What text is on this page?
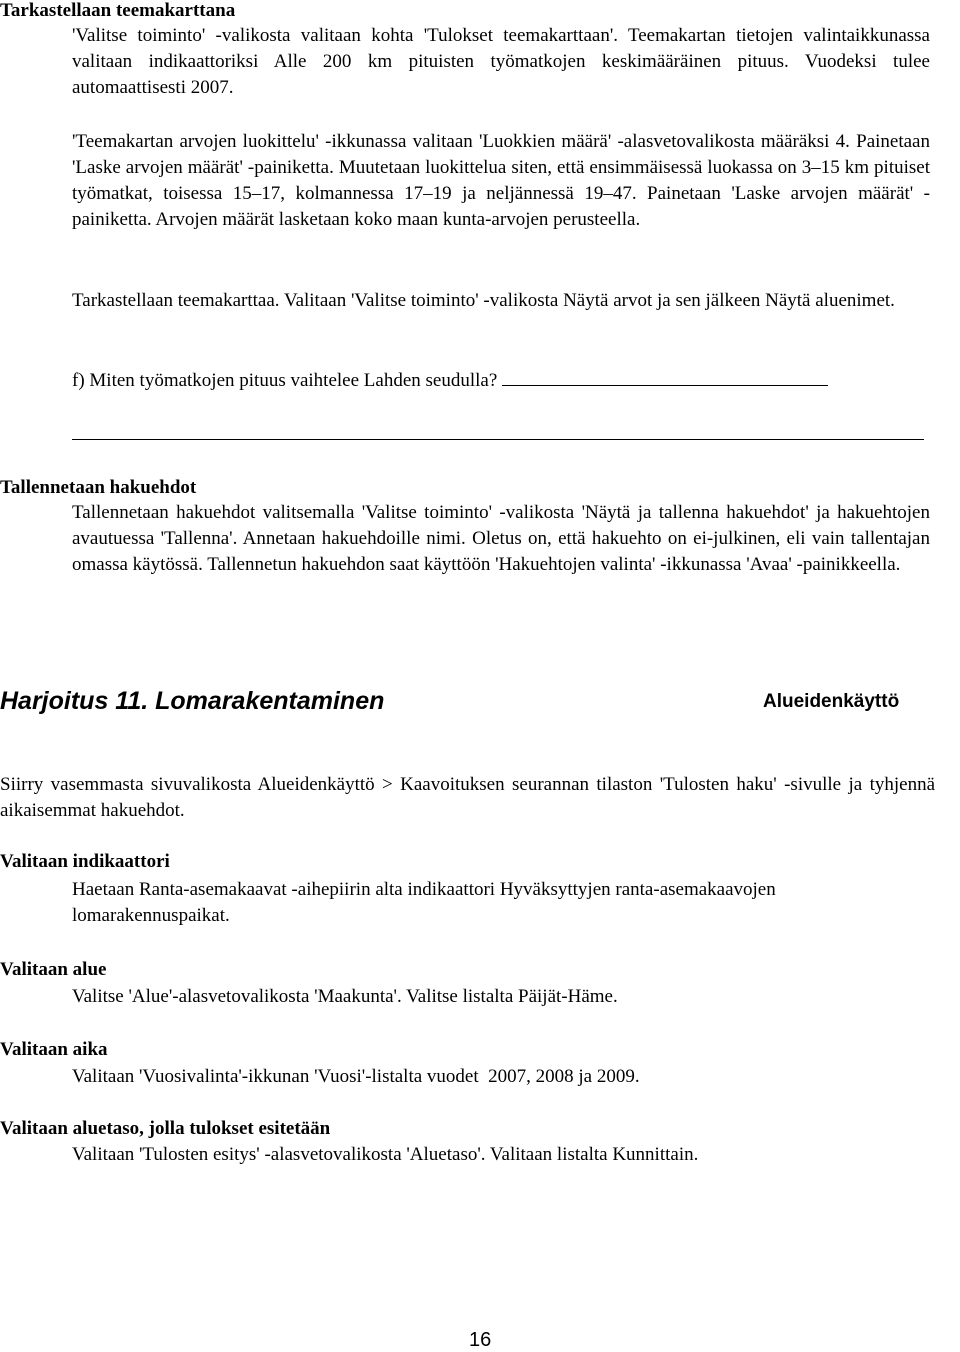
Tarkastellaan teemakarttana

'Valitse toiminto' -valikosta valitaan kohta 'Tulokset teemakarttaan'. Teemakartan tietojen valintaikkunassa valitaan indikaattoriksi Alle 200 km pituisten työmatkojen keskimääräinen pituus. Vuodeksi tulee automaattisesti 2007.

'Teemakartan arvojen luokittelu' -ikkunassa valitaan 'Luokkien määrä' -alasvetovalikosta määräksi 4. Painetaan 'Laske arvojen määrät' -painiketta. Muutetaan luokittelua siten, että ensimmäisessä luokassa on 3–15 km pituiset työmatkat, toisessa 15–17, kolmannessa 17–19 ja neljännessä 19–47. Painetaan 'Laske arvojen määrät' -painiketta. Arvojen määrät lasketaan koko maan kunta-arvojen perusteella.

Tarkastellaan teemakarttaa. Valitaan 'Valitse toiminto' -valikosta Näytä arvot ja sen jälkeen Näytä aluenimet.

f) Miten työmatkojen pituus vaihtelee Lahden seudulla?
Tallennetaan hakuehdot

Tallennetaan hakuehdot valitsemalla 'Valitse toiminto' -valikosta 'Näytä ja tallenna hakuehdot' ja hakuehtojen avautuessa 'Tallenna'. Annetaan hakuehdoille nimi. Oletus on, että hakuehto on ei-julkinen, eli vain tallentajan omassa käytössä. Tallennetun hakuehdon saat käyttöön 'Hakuehtojen valinta' -ikkunassa 'Avaa' -painikkeella.

Harjoitus 11. Lomarakentaminen	Alueidenkäyttö

Siirry vasemmasta sivuvalikosta Alueidenkäyttö > Kaavoituksen seurannan tilaston 'Tulosten haku' -sivulle ja tyhjennä aikaisemmat hakuehdot.

Valitaan indikaattori

Haetaan Ranta-asemakaavat -aihepiirin alta indikaattori Hyväksyttyjen ranta-asemakaavojen lomarakennuspaikat.

Valitaan alue

Valitse 'Alue'-alasvetovalikosta 'Maakunta'. Valitse listalta Päijät-Häme.

Valitaan aika

Valitaan 'Vuosivalinta'-ikkunan 'Vuosi'-listalta vuodet  2007, 2008 ja 2009.

Valitaan aluetaso, jolla tulokset esitetään

Valitaan 'Tulosten esitys' -alasvetovalikosta 'Aluetaso'. Valitaan listalta Kunnittain.

16
